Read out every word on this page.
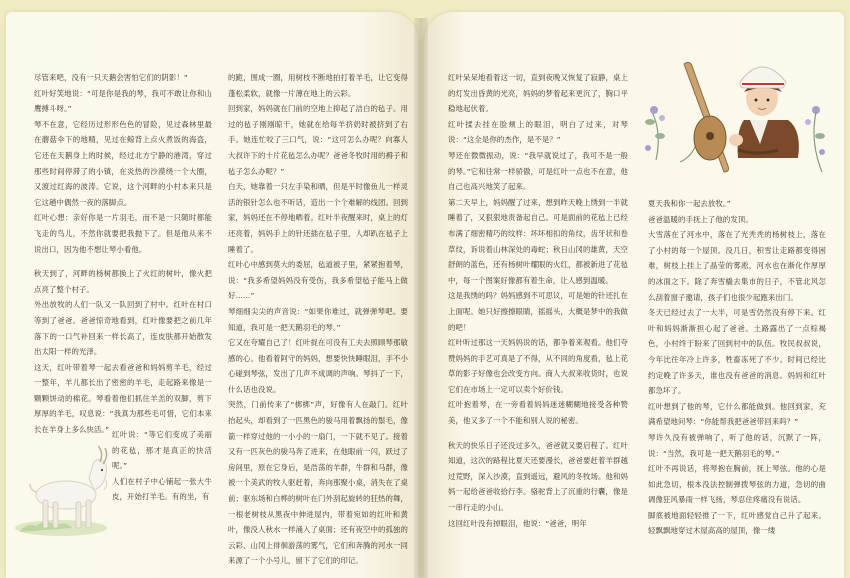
尽管来吧，没有一只天鹅会害怕它们的阴影！”

红叶好笑地说：“可是你是我的琴，我可不敢让你和山鹰搏斗呀。”

琴不在意，它经历过形形色色的冒险，见过森林里最在蘑菇伞下的地精，见过在鲸背上点火煮饭的海盗，它还在天鹅身上的时候，经过北方宁静的港湾，穿过那些时间停滞了的小镇，在炎热的沙漠绕一个大圈，又渡过红海的波涛。它说，这个河畔的小村本来只是它这趟中偶然一夜的落脚点。

红叶心想：亲好你是一片羽毛，而不是一只随时都能飞走的鸟儿，不然你就要把我抛下了。但是他从来不说出口，因为他不想让琴小看他。

秋天到了，河畔的杨树都换上了火红的树叶，像火把点亮了整个村子。

外出放牧的人们一队又一队回到了村中。红叶在村口等到了爸爸。爸爸惊奇地看到，红叶像要把之前几年落下的一口气补回来一样长高了，连皮肤都开始散发出太阳一样的光泽。

这天，红叶带着琴一起去看爸爸和妈妈剪羊毛，经过一整年，羊儿都长出了密密的羊毛，走起路来像是一颗颗饼动的棉花。琴看着他们抓住羊羔的双脚，剪下厚厚的羊毛，叹息说：“我真为那些毛可惜，它们本来长在羊身上多么快活。”

红叶说：“等它们变成了美丽的花毡，那才是真正的快活呢。”

人们在村子中心铺起一张大牛皮，开始打羊毛。有的坐，有

的跪，围成一圈，用树枝不断地拍打着羊毛，让它变得蓬松柔软，就像一片薄在地上的云彩。

回到家，妈妈就在门前的空地上抑起了洁白的毡子。用过的毡子刚刚晾干，她就在给每羊挤奶时被挤到了右手。她连忙咬了三口气，说：“这可怎么办呢？向寡人大叔许下的十片花毡怎么办呢？爸爸冬牧时用的褥子和毡子怎么办呢？”

白天，她靠着一只左手染和晒，但是平时像鱼儿一样灵活的银针怎么也不听话，造出一个个难解的线团。回到家，妈妈还在不停地晒着。红叶半夜醒来时，桌上的灯还亮着，妈妈手上的针还插在毡子里，人却趴在毡子上睡着了。

红叶心中感到莫大的委屈，毡道被子里，紧紧抱着琴，说：“我多希望妈妈没有受伤，我多希望毡子能马上做好……”

琴细细尖尖的声音说：“如果你难过，就弹弹琴吧。要知道，我可是一把天鹅羽毛的琴。”

它又在夸耀自己了！红叶捉在可没有工夫去照顾琴那敏感的心。他看着阿守的妈妈，想要快快睡眼泪，手不小心碰到琴弦，发出了几声不成调的声响。琴抖了一下，什么话也没说。

突然，门前传来了“梆梆”声，好像有人在敲门。红叶抬起头，却看到了一匹黑色的骏马用着飘扬的鬃毛，像箭一样穿过他的一小小的一扇门，一下就不见了。接着又有一匹灰色的骏马奔了进来，在他眼前一闪，跃过了房间里，原在它身后，是浩荡的羊群，牛群和马群，像被一个美武的牧人驱赶着，奔向那聚小桌，消失在了桌前；驱东场和白桦的树叶在门外刮起旋转的狂热的舞，一根老树枝从黑夜中伸进屋内，带着宛如的红叶和黄叶，像没人秋水一样涌入了桌面；还有夜空中的孤独的云彩、山冈上徘徊游荡的雾气，它们和奔腾的河水一同来源了一个小号儿，留下了它们的印记。

红叶呆呆地看着这一切，直到夜晚又恢复了寂静，桌上的灯发出昏黄的光亮，妈妈的梦着起来更沉了，胸口平稳地起伏着。

红叶揉去挂在脸颊上的眼泪，明白了过来，对琴说：“这全是你的杰作，是不是？”

琴还在微微振动，说：“我早就说过了，我可不是一般的琴。”它和往常一样骄傲，可是红叶一点也不在意，他自己也高兴地笑了起来。

第二天早上，妈妈醒了过来，想到昨天晚上绣到一半就睡着了，又狠狠地责备起自己。可是面前的花毡上已经布满了细密精巧的纹样：坏坏相扣的角纹，齿牙状和卷草纹，诉说着山林深处的毒蛇；秋日山冈的雄黄，天空舒朗的蓝色，还有杨树叶耀眼的火红，都被新进了花毡中，每一个图案好像都有着生命，让人感到温暖。

这是我绣的吗？妈妈感到不可思议，可是她的针还扎在上面呢。她只好擦擦眼睛，摇摇头，大概是梦中的我做的吧！

红叶听过那这一天妈妈说的话，都争着来观看。他们夸赞妈妈的手艺可真是了不得，从不同的角度看，毡上花草的影子好像也会改变方向。商人大叔来收货时，也说它们在市场上一定可以卖个好价钱。

红叶抱着琴，在一旁看着妈妈迷迷糊糊地接受各种赞美，他又多了一个不能和别人说的秘密。

秋天的快乐日子还没过多久，爸爸就又要启程了。红叶知道，这次的路程比夏天还要漫长，爸爸要赶着羊群越过荒野，深入沙漠，直到遥远，避风的冬牧场。他和妈妈一起给爸爸收拾行李。骆驼背上了沉重的行囊，像是一串行走的小山。

这回红叶没有掉眼泪，他说：“爸爸，明年

夏天我和你一起去放牧。”

爸爸温暖的手抚上了他的发顶。

大雪落在了河水中，落在了光秃秃的杨树枝上，落在了小村的每一个屋顶。没几日，积雪让走路都变得困难，树枝上挂上了晶莹的雾凇，河水也在渐化作厚厚的冰面之下。除了奔雪橇去集市的日子，不管北风怎么刮着窗子邀请，孩子们也很少起跑来出门。

冬天已经过去了一大半，可是雪仍然没有停下来。红叶和妈妈渐渐担心起了爸爸。土路露出了一点棕褐色，小村终于盼来了回到村中的队伍。牧民叔叔说，今年比往年冷上许多，牲畜冻死了不少。时间已经比约定晚了许多天，谁也没有爸爸的消息。妈妈和红叶都急坏了。

红叶想到了他的琴，它什么都能做到。他回到家，充满希望地问琴：“你能帮我把爸爸带回来吗？”

琴许久没有被弹响了，听了他的话，沉默了一阵，说：“当然，我可是一把天鹅羽毛的琴。”

红叶不再说话，将琴抱在胸前，抚上琴弦。他的心是如此急切，根本没法控制弹拨琴弦的力道，急切的曲调像狂风暴雨一样飞扬，琴忍住疼痛没有说话。

脚底被地面轻轻推了一下，红叶感觉自己升了起来。轻飘飘地穿过木屋高高的屋顶，像一缕
